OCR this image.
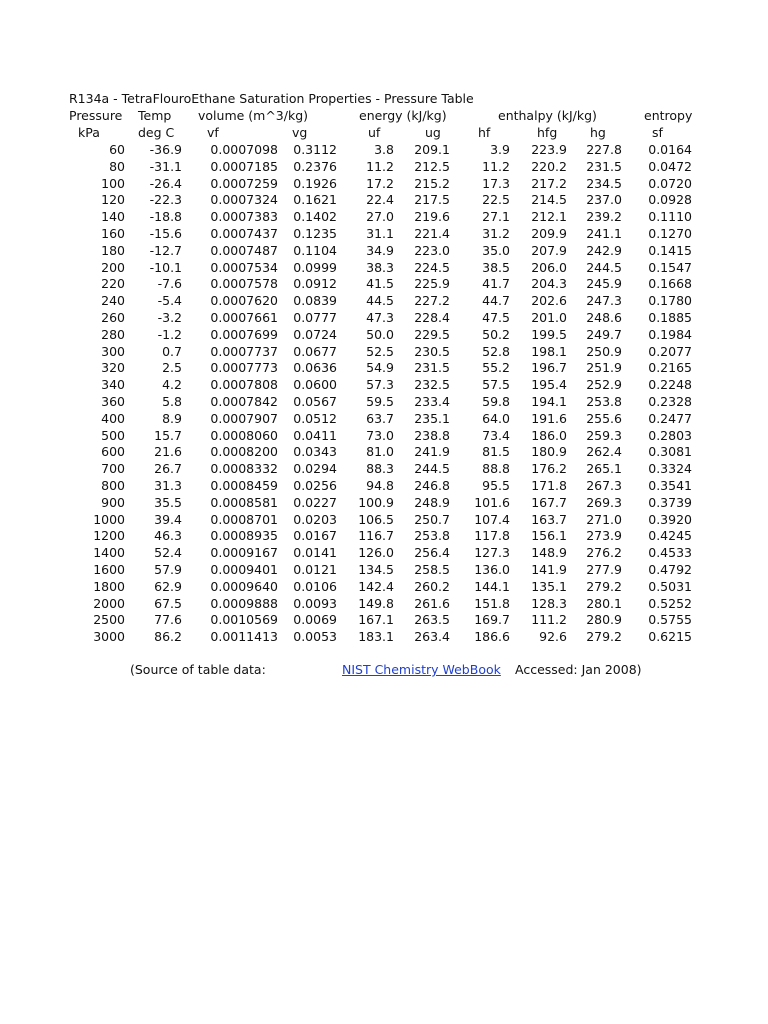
R134a - TetraFlouroEthane Saturation Properties - Pressure Table
Pressure Temp volume (m^3/kg)	energy (kJ/kg)	enthalpy (kJ/kg)	entropy
kPa	deg C	vf	vg	uf	ug	hf	hfg	hg	sf
60	-36.9	0.0007098	0.3112	3.8	209.1	3.9	223.9	227.8	0.0164
80	-31.1	0.0007185	0.2376	11.2	212.5	11.2	220.2	231.5	0.0472
100	-26.4	0.0007259	0.1926	17.2	215.2	17.3	217.2	234.5	0.0720
120	-22.3	0.0007324	0.1621	22.4	217.5	22.5	214.5	237.0	0.0928
140	-18.8	0.0007383	0.1402	27.0	219.6	27.1	212.1	239.2	0.1110
160	-15.6	0.0007437	0.1235	31.1	221.4	31.2	209.9	241.1	0.1270
180	-12.7	0.0007487	0.1104	34.9	223.0	35.0	207.9	242.9	0.1415
200	-10.1	0.0007534	0.0999	38.3	224.5	38.5	206.0	244.5	0.1547
220	-7.6	0.0007578	0.0912	41.5	225.9	41.7	204.3	245.9	0.1668
240	-5.4	0.0007620	0.0839	44.5	227.2	44.7	202.6	247.3	0.1780
260	-3.2	0.0007661	0.0777	47.3	228.4	47.5	201.0	248.6	0.1885
280	-1.2	0.0007699	0.0724	50.0	229.5	50.2	199.5	249.7	0.1984
300	0.7	0.0007737	0.0677	52.5	230.5	52.8	198.1	250.9	0.2077
320	2.5	0.0007773	0.0636	54.9	231.5	55.2	196.7	251.9	0.2165
340	4.2	0.0007808	0.0600	57.3	232.5	57.5	195.4	252.9	0.2248
360	5.8	0.0007842	0.0567	59.5	233.4	59.8	194.1	253.8	0.2328
400	8.9	0.0007907	0.0512	63.7	235.1	64.0	191.6	255.6	0.2477
500	15.7	0.0008060	0.0411	73.0	238.8	73.4	186.0	259.3	0.2803
600	21.6	0.0008200	0.0343	81.0	241.9	81.5	180.9	262.4	0.3081
700	26.7	0.0008332	0.0294	88.3	244.5	88.8	176.2	265.1	0.3324
800	31.3	0.0008459	0.0256	94.8	246.8	95.5	171.8	267.3	0.3541
900	35.5	0.0008581	0.0227	100.9	248.9	101.6	167.7	269.3	0.3739
1000	39.4	0.0008701	0.0203	106.5	250.7	107.4	163.7	271.0	0.3920
1200	46.3	0.0008935	0.0167	116.7	253.8	117.8	156.1	273.9	0.4245
1400	52.4	0.0009167	0.0141	126.0	256.4	127.3	148.9	276.2	0.4533
1600	57.9	0.0009401	0.0121	134.5	258.5	136.0	141.9	277.9	0.4792
1800	62.9	0.0009640	0.0106	142.4	260.2	144.1	135.1	279.2	0.5031
2000	67.5	0.0009888	0.0093	149.8	261.6	151.8	128.3	280.1	0.5252
2500	77.6	0.0010569	0.0069	167.1	263.5	169.7	111.2	280.9	0.5755
3000	86.2	0.0011413	0.0053	183.1	263.4	186.6	92.6	279.2	0.6215
(Source of table data:	NIST Chemistry WebBook Accessed: Jan 2008)
